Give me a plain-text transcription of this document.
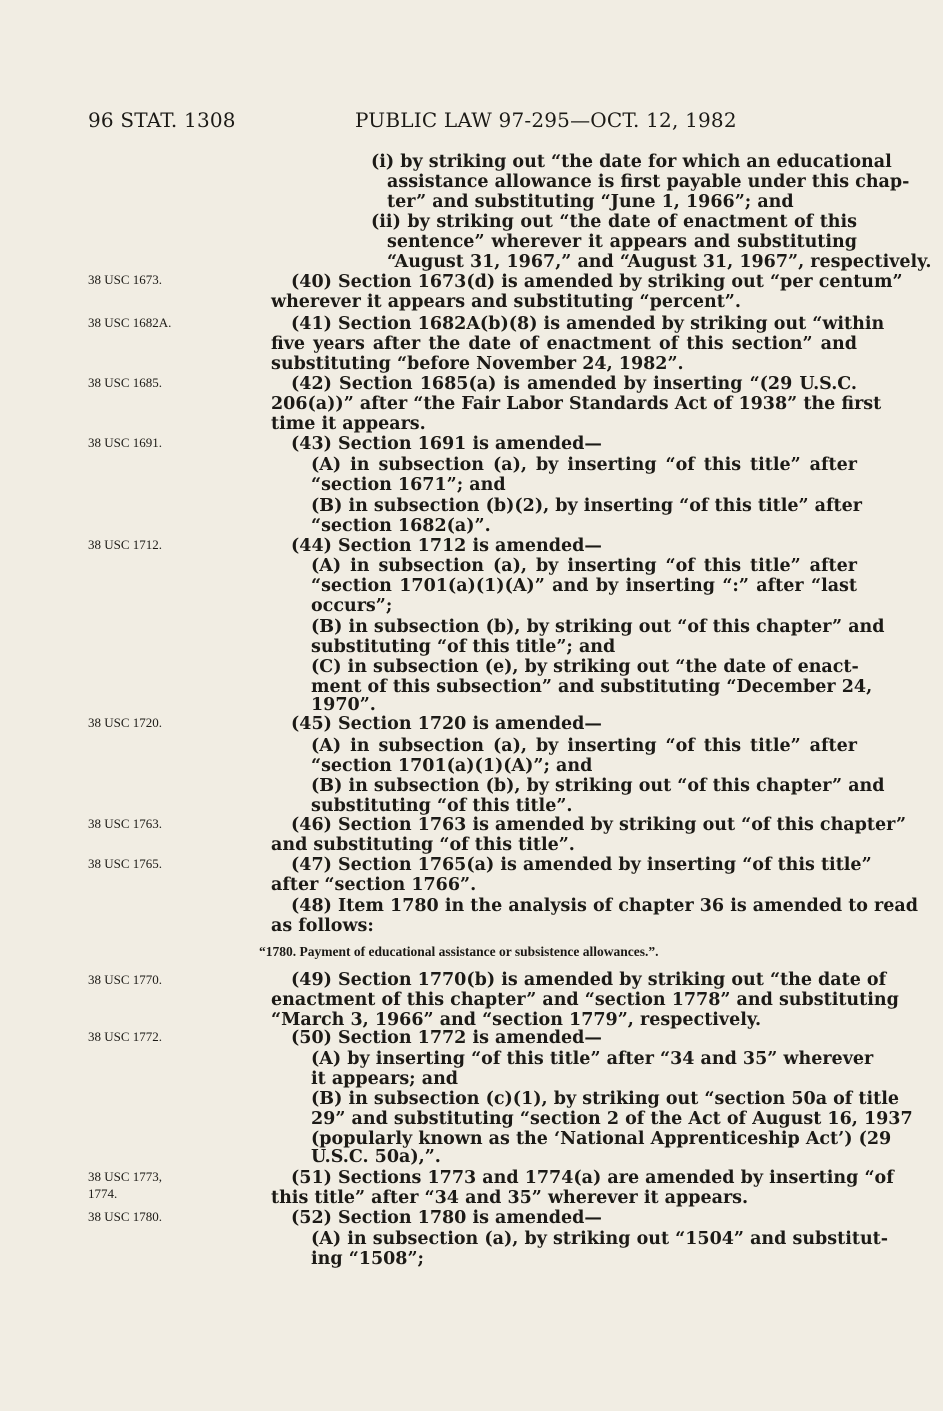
96 STAT. 1308	PUBLIC LAW 97-295—OCT. 12, 1982
38 USC 1673.
38 USC 1682A.
38 USC 1685.
38 USC 1691.
38 USC 1712.
38 USC 1720.
38 USC 1763.
38 USC 1765.
38 USC 1770.
38 USC 1772.
38 USC 1773,
1774.
38 USC 1780.
(i) by striking out “the date for which an educational
assistance allowance is first payable under this chap-
ter” and substituting “June 1, 1966”; and
(ii) by striking out “the date of enactment of this
sentence” wherever it appears and substituting
“August 31, 1967,” and “August 31, 1967”, respectively.
(40) Section 1673(d) is amended by striking out “per centum”
wherever it appears and substituting “percent”.
(41) Section 1682A(b)(8) is amended by striking out “within
five years after the date of enactment of this section” and
substituting “before November 24, 1982”.
(42) Section 1685(a) is amended by inserting “(29 U.S.C.
206(a))” after “the Fair Labor Standards Act of 1938” the first
time it appears.
(43) Section 1691 is amended—
(A) in subsection (a), by inserting “of this title” after
“section 1671”; and
(B) in subsection (b)(2), by inserting “of this title” after
“section 1682(a)”.
(44) Section 1712 is amended—
(A) in subsection (a), by inserting “of this title” after
“section 1701(a)(1)(A)” and by inserting “:” after “last
occurs”;
(B) in subsection (b), by striking out “of this chapter” and
substituting “of this title”; and
(C) in subsection (e), by striking out “the date of enact-
ment of this subsection” and substituting “December 24,
1970”.
(45) Section 1720 is amended—
(A) in subsection (a), by inserting “of this title” after
“section 1701(a)(1)(A)”; and
(B) in subsection (b), by striking out “of this chapter” and
substituting “of this title”.
(46) Section 1763 is amended by striking out “of this chapter”
and substituting “of this title”.
(47) Section 1765(a) is amended by inserting “of this title”
after “section 1766”.
(48) Item 1780 in the analysis of chapter 36 is amended to read
as follows:
“1780. Payment of educational assistance or subsistence allowances.”.
(49) Section 1770(b) is amended by striking out “the date of
enactment of this chapter” and “section 1778” and substituting
“March 3, 1966” and “section 1779”, respectively.
(50) Section 1772 is amended—
(A) by inserting “of this title” after “34 and 35” wherever
it appears; and
(B) in subsection (c)(1), by striking out “section 50a of title
29” and substituting “section 2 of the Act of August 16, 1937
(popularly known as the ‘National Apprenticeship Act’) (29
U.S.C. 50a),”.
(51) Sections 1773 and 1774(a) are amended by inserting “of
this title” after “34 and 35” wherever it appears.
(52) Section 1780 is amended—
(A) in subsection (a), by striking out “1504” and substitut-
ing “1508”;
